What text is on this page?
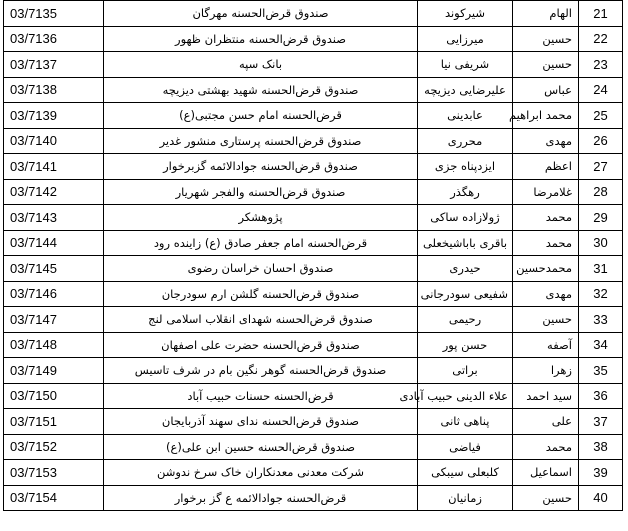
03/7135	صندوق قرض‌الحسنه مهرگان	شیرکوند	الهام	21
03/7136	صندوق قرض‌الحسنه منتظران ظهور	میرزایی	حسین	22
03/7137	بانک سپه	شریفی نیا	حسین	23
03/7138	صندوق قرض‌الحسنه شهید بهشتی دیزیچه	علیرضایی دیزیچه	عباس	24
03/7139	قرض‌الحسنه امام حسن مجتبی(ع)	عابدینی	محمد ابراهیم	25
03/7140	صندوق قرض‌الحسنه پرستاری منشور غدیر	محرری	مهدی	26
03/7141	صندوق قرض‌الحسنه جوادالائمه گزبرخوار	ایزدپناه جزی	اعظم	27
03/7142	صندوق قرض‌الحسنه والفجر شهریار	رهگذر	غلامرضا	28
03/7143	پژوهشکر	ژولازاده ساکی	محمد	29
03/7144	قرض‌الحسنه امام جعفر صادق (ع) زاینده رود	باقری باباشیخعلی	محمد	30
03/7145	صندوق احسان خراسان رضوی	حیدری	محمدحسین	31
03/7146	صندوق قرض‌الحسنه گلشن ارم سودرجان	شفیعی سودرجانی	مهدی	32
03/7147	صندوق قرض‌الحسنه شهدای انقلاب اسلامی لنج	رحیمی	حسین	33
03/7148	صندوق قرض‌الحسنه حضرت علی اصفهان	حسن پور	آصفه	34
03/7149	صندوق قرض‌الحسنه گوهر نگین بام در شرف تاسیس	براتی	زهرا	35
03/7150	قرض‌الحسنه حسنات حبیب آباد	علاء الدینی حبیب آبادی	سید احمد	36
03/7151	صندوق قرض‌الحسنه ندای سهند آذربایجان	پناهی ثانی	علی	37
03/7152	صندوق قرض‌الحسنه حسین ابن علی(ع)	فیاضی	محمد	38
03/7153	شرکت معدنی معدنکاران خاک سرخ ندوشن	کلبعلی سیبکی	اسماعیل	39
03/7154	قرض‌الحسنه جوادالائمه ع گز برخوار	زمانیان	حسین	40
